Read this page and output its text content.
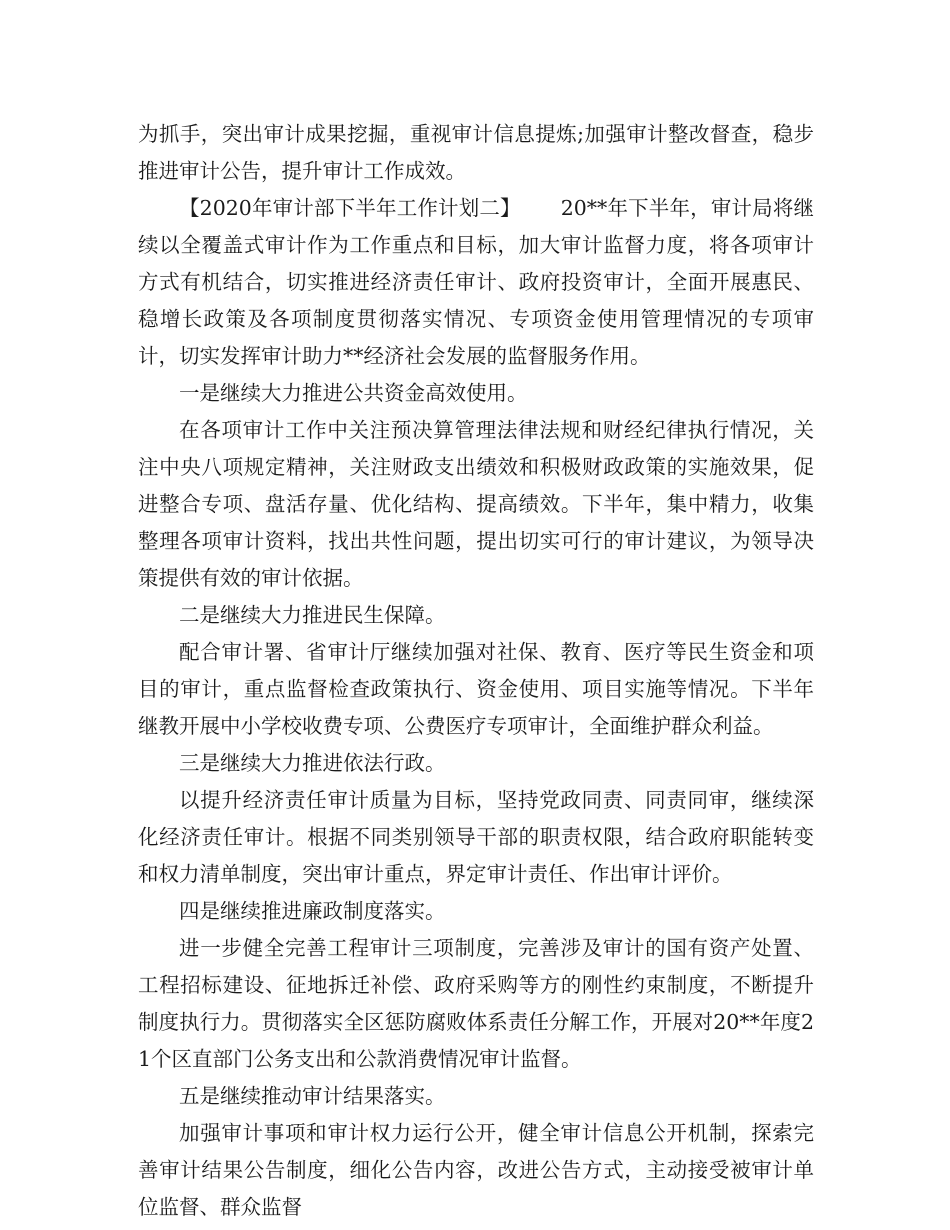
为抓手，突出审计成果挖掘，重视审计信息提炼;加强审计整改督查，稳步推进审计公告，提升审计工作成效。

【2020年审计部下半年工作计划二】 20**年下半年，审计局将继续以全覆盖式审计作为工作重点和目标，加大审计监督力度，将各项审计方式有机结合，切实推进经济责任审计、政府投资审计，全面开展惠民、稳增长政策及各项制度贯彻落实情况、专项资金使用管理情况的专项审计，切实发挥审计助力**经济社会发展的监督服务作用。

一是继续大力推进公共资金高效使用。

在各项审计工作中关注预决算管理法律法规和财经纪律执行情况，关注中央八项规定精神，关注财政支出绩效和积极财政政策的实施效果，促进整合专项、盘活存量、优化结构、提高绩效。下半年，集中精力，收集整理各项审计资料，找出共性问题，提出切实可行的审计建议，为领导决策提供有效的审计依据。

二是继续大力推进民生保障。

配合审计署、省审计厅继续加强对社保、教育、医疗等民生资金和项目的审计，重点监督检查政策执行、资金使用、项目实施等情况。下半年继教开展中小学校收费专项、公费医疗专项审计，全面维护群众利益。

三是继续大力推进依法行政。

以提升经济责任审计质量为目标，坚持党政同责、同责同审，继续深化经济责任审计。根据不同类别领导干部的职责权限，结合政府职能转变和权力清单制度，突出审计重点，界定审计责任、作出审计评价。

四是继续推进廉政制度落实。

进一步健全完善工程审计三项制度，完善涉及审计的国有资产处置、工程招标建设、征地拆迁补偿、政府采购等方的刚性约束制度，不断提升制度执行力。贯彻落实全区惩防腐败体系责任分解工作，开展对20**年度21个区直部门公务支出和公款消费情况审计监督。

五是继续推动审计结果落实。

加强审计事项和审计权力运行公开，健全审计信息公开机制，探索完善审计结果公告制度，细化公告内容，改进公告方式，主动接受被审计单位监督、群众监督
